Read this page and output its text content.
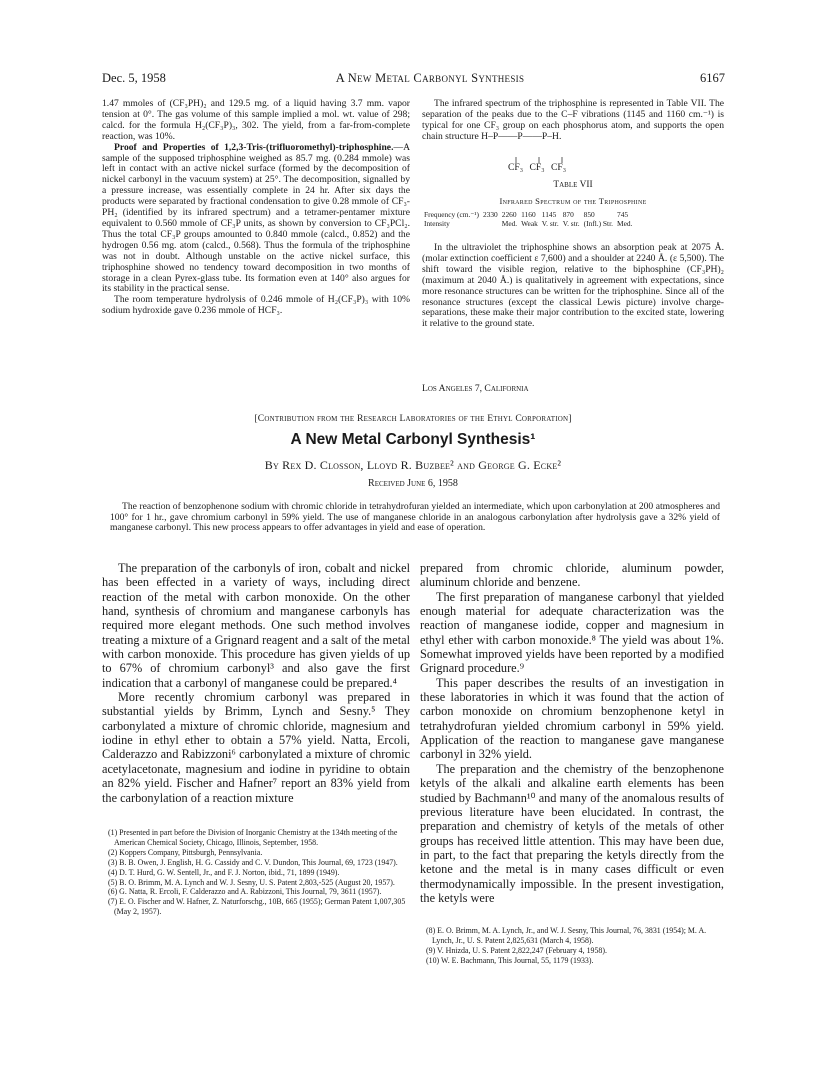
Dec. 5, 1958	A New Metal Carbonyl Synthesis	6167

1.47 mmoles of (CF₃PH)₂ and 129.5 mg. of a liquid having 3.7 mm. vapor tension at 0°. The gas volume of this sample implied a mol. wt. value of 298; calcd. for the formula H₂(CF₃P)₃, 302. The yield, from a far-from-complete reaction, was 10%.

Proof and Properties of 1,2,3-Tris-(trifluoromethyl)-triphosphine.—A sample of the supposed triphosphine weighed as 85.7 mg. (0.284 mmole) was left in contact with an active nickel surface (formed by the decomposition of nickel carbonyl in the vacuum system) at 25°. The decomposition, signalled by a pressure increase, was essentially complete in 24 hr. After six days the products were separated by fractional condensation to give 0.28 mmole of CF₃-PH₂ (identified by its infrared spectrum) and a tetramer-pentamer mixture equivalent to 0.560 mmole of CF₃P units, as shown by conversion to CF₃PCl₂. Thus the total CF₃P groups amounted to 0.840 mmole (calcd., 0.852) and the hydrogen 0.56 mg. atom (calcd., 0.568). Thus the formula of the triphosphine was not in doubt. Although unstable on the active nickel surface, this triphosphine showed no tendency toward decomposition in two months of storage in a clean Pyrex-glass tube. Its formation even at 140° also argues for its stability in the practical sense.

The room temperature hydrolysis of 0.246 mmole of H₂(CF₃P)₃ with 10% sodium hydroxide gave 0.236 mmole of HCF₃.

The infrared spectrum of the triphosphine is represented in Table VII. The separation of the peaks due to the C–F vibrations (1145 and 1160 cm.⁻¹) is typical for one CF₃ group on each phosphorus atom, and supports the open chain structure H–P——P——P–H.

CF₃ CF₃ CF₃
Table VII
Infrared Spectrum of the Triphosphine
Frequency (cm.⁻¹)	2330	2260	1160	1145	870	850	745
Intensity		Med.	Weak	V. str.	V. str.	(Infl.) Str.	Med.

In the ultraviolet the triphosphine shows an absorption peak at 2075 Å. (molar extinction coefficient ε 7,600) and a shoulder at 2240 Å. (ε 5,500). The shift toward the visible region, relative to the biphosphine (CF₃PH)₂ (maximum at 2040 Å.) is qualitatively in agreement with expectations, since more resonance structures can be written for the triphosphine. Since all of the resonance structures (except the classical Lewis picture) involve charge-separations, these make their major contribution to the excited state, lowering it relative to the ground state.

Los Angeles 7, California
[Contribution from the Research Laboratories of the Ethyl Corporation]
A New Metal Carbonyl Synthesis¹
By Rex D. Closson, Lloyd R. Buzbee² and George G. Ecke²
Received June 6, 1958

The reaction of benzophenone sodium with chromic chloride in tetrahydrofuran yielded an intermediate, which upon carbonylation at 200 atmospheres and 100° for 1 hr., gave chromium carbonyl in 59% yield. The use of manganese chloride in an analogous carbonylation after hydrolysis gave a 32% yield of manganese carbonyl. This new process appears to offer advantages in yield and ease of operation.

The preparation of the carbonyls of iron, cobalt and nickel has been effected in a variety of ways, including direct reaction of the metal with carbon monoxide. On the other hand, synthesis of chromium and manganese carbonyls has required more elegant methods. One such method involves treating a mixture of a Grignard reagent and a salt of the metal with carbon monoxide. This procedure has given yields of up to 67% of chromium carbonyl³ and also gave the first indication that a carbonyl of manganese could be prepared.⁴

More recently chromium carbonyl was prepared in substantial yields by Brimm, Lynch and Sesny.⁵ They carbonylated a mixture of chromic chloride, magnesium and iodine in ethyl ether to obtain a 57% yield. Natta, Ercoli, Calderazzo and Rabizzoni⁶ carbonylated a mixture of chromic acetylacetonate, magnesium and iodine in pyridine to obtain an 82% yield. Fischer and Hafner⁷ report an 83% yield from the carbonylation of a reaction mixture

(1) Presented in part before the Division of Inorganic Chemistry at the 134th meeting of the American Chemical Society, Chicago, Illinois, September, 1958.
(2) Koppers Company, Pittsburgh, Pennsylvania.
(3) B. B. Owen, J. English, H. G. Cassidy and C. V. Dundon, This Journal, 69, 1723 (1947).
(4) D. T. Hurd, G. W. Sentell, Jr., and F. J. Norton, ibid., 71, 1899 (1949).
(5) B. O. Brimm, M. A. Lynch and W. J. Sesny, U. S. Patent 2,803,-525 (August 20, 1957).
(6) G. Natta, R. Ercoli, F. Calderazzo and A. Rabizzoni, This Journal, 79, 3611 (1957).
(7) E. O. Fischer and W. Hafner, Z. Naturforschg., 10B, 665 (1955); German Patent 1,007,305 (May 2, 1957).

prepared from chromic chloride, aluminum powder, aluminum chloride and benzene.

The first preparation of manganese carbonyl that yielded enough material for adequate characterization was the reaction of manganese iodide, copper and magnesium in ethyl ether with carbon monoxide.⁸ The yield was about 1%. Somewhat improved yields have been reported by a modified Grignard procedure.⁹

This paper describes the results of an investigation in these laboratories in which it was found that the action of carbon monoxide on chromium benzophenone ketyl in tetrahydrofuran yielded chromium carbonyl in 59% yield. Application of the reaction to manganese gave manganese carbonyl in 32% yield.

The preparation and the chemistry of the benzophenone ketyls of the alkali and alkaline earth elements has been studied by Bachmann¹⁰ and many of the anomalous results of previous literature have been elucidated. In contrast, the preparation and chemistry of ketyls of the metals of other groups has received little attention. This may have been due, in part, to the fact that preparing the ketyls directly from the ketone and the metal is in many cases difficult or even thermodynamically impossible. In the present investigation, the ketyls were

(8) E. O. Brimm, M. A. Lynch, Jr., and W. J. Sesny, This Journal, 76, 3831 (1954); M. A. Lynch, Jr., U. S. Patent 2,825,631 (March 4, 1958).
(9) V. Hnizda, U. S. Patent 2,822,247 (February 4, 1958).
(10) W. E. Bachmann, This Journal, 55, 1179 (1933).
